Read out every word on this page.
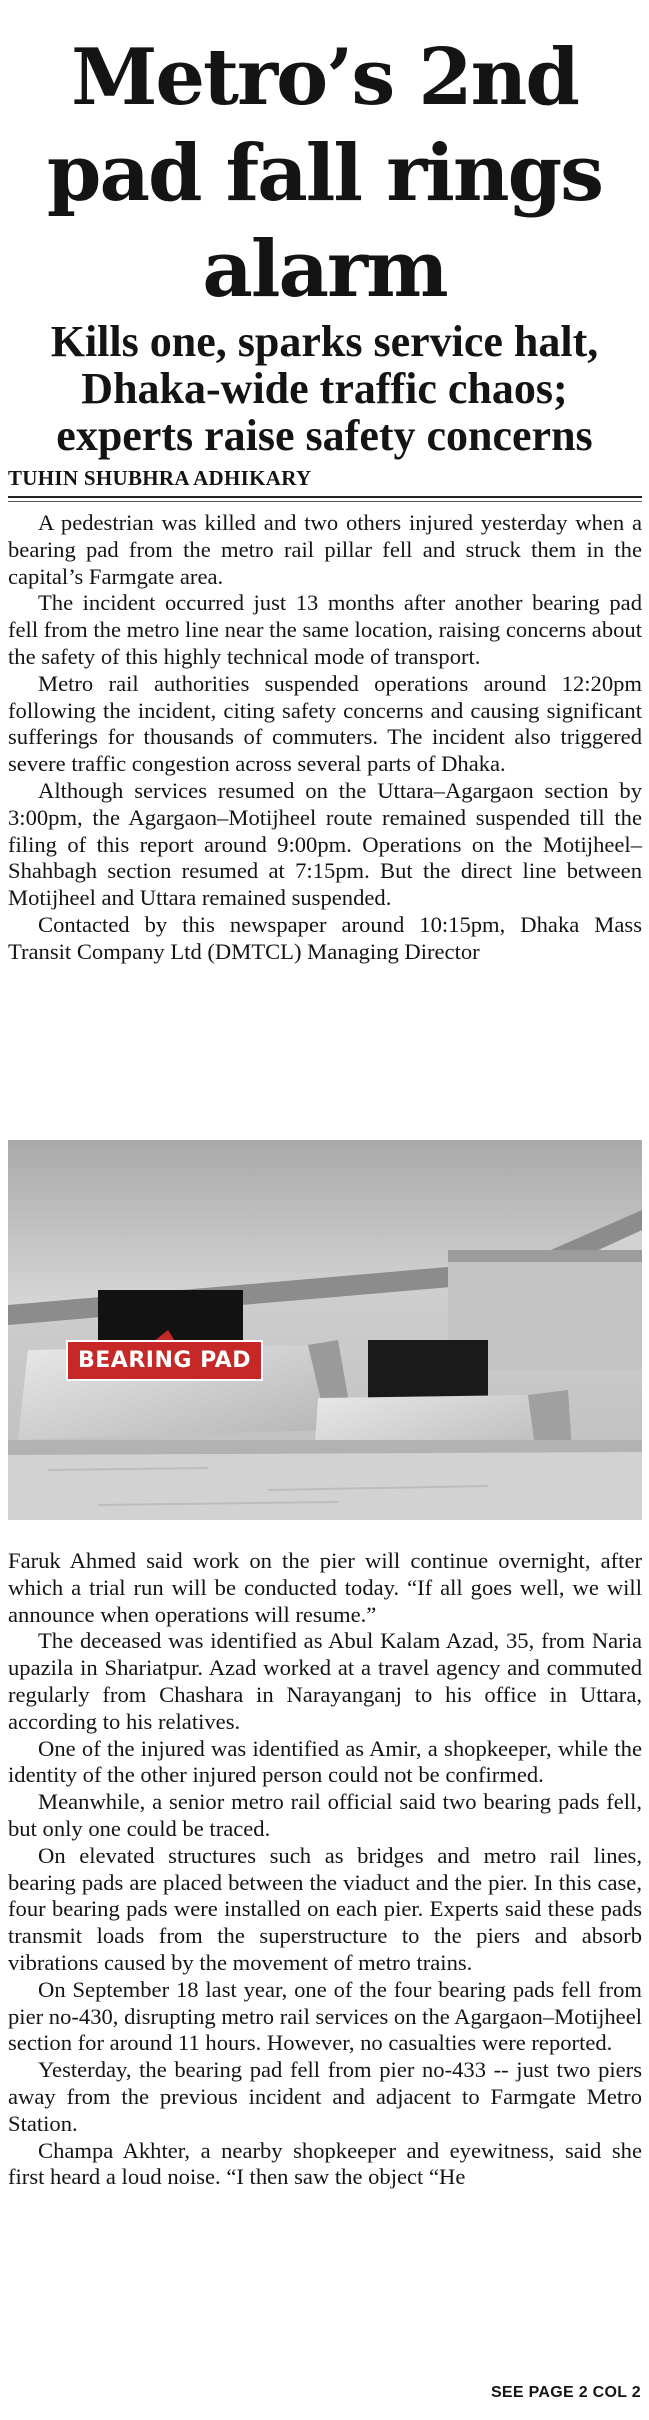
Metro’s 2nd
pad fall rings
alarm
Kills one, sparks service halt,
Dhaka-wide traffic chaos;
experts raise safety concerns
TUHIN SHUBHRA ADHIKARY

A pedestrian was killed and two others injured yesterday when a bearing pad from the metro rail pillar fell and struck them in the capital’s Farmgate area.

The incident occurred just 13 months after another bearing pad fell from the metro line near the same location, raising concerns about the safety of this highly technical mode of transport.

Metro rail authorities suspended operations around 12:20pm following the incident, citing safety concerns and causing significant sufferings for thousands of commuters. The incident also triggered severe traffic congestion across several parts of Dhaka.

Although services resumed on the Uttara–Agargaon section by 3:00pm, the Agargaon–Motijheel route remained suspended till the filing of this report around 9:00pm. Operations on the Motijheel–Shahbagh section resumed at 7:15pm. But the direct line between Motijheel and Uttara remained suspended.

Contacted by this newspaper around 10:15pm, Dhaka Mass Transit Company Ltd (DMTCL) Managing Director

BEARING PAD

Faruk Ahmed said work on the pier will continue overnight, after which a trial run will be conducted today. “If all goes well, we will announce when operations will resume.”

The deceased was identified as Abul Kalam Azad, 35, from Naria upazila in Shariatpur. Azad worked at a travel agency and commuted regularly from Chashara in Narayanganj to his office in Uttara, according to his relatives.

One of the injured was identified as Amir, a shopkeeper, while the identity of the other injured person could not be confirmed.

Meanwhile, a senior metro rail official said two bearing pads fell, but only one could be traced.

On elevated structures such as bridges and metro rail lines, bearing pads are placed between the viaduct and the pier. In this case, four bearing pads were installed on each pier. Experts said these pads transmit loads from the superstructure to the piers and absorb vibrations caused by the movement of metro trains.

On September 18 last year, one of the four bearing pads fell from pier no-430, disrupting metro rail services on the Agargaon–Motijheel section for around 11 hours. However, no casualties were reported.

Yesterday, the bearing pad fell from pier no-433 -- just two piers away from the previous incident and adjacent to Farmgate Metro Station.

Champa Akhter, a nearby shopkeeper and eyewitness, said she first heard a loud noise. “I then saw the object “He

SEE PAGE 2 COL 2
